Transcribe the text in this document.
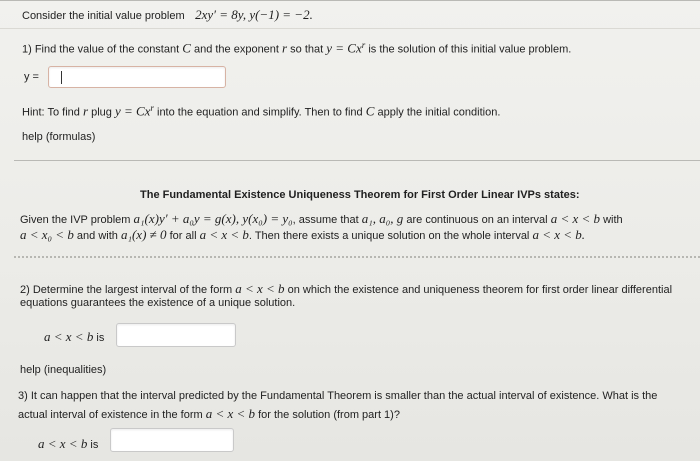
Consider the initial value problem 2xy′ = 8y, y(−1) = −2.
1) Find the value of the constant C and the exponent r so that $y = Cx^r$ is the solution of this initial value problem.
y =
Hint: To find r plug $y = Cx^r$ into the equation and simplify. Then to find C apply the initial condition.
help (formulas)
The Fundamental Existence Uniqueness Theorem for First Order Linear IVPs states:
Given the IVP problem a₁(x)y′ + a₀y = g(x), y(x₀) = y₀, assume that a₁, a₀, g are continuous on an interval a < x < b with
a < x₀ < b and with a₁(x) ≠ 0 for all a < x < b. Then there exists a unique solution on the whole interval a < x < b.
2) Determine the largest interval of the form a < x < b on which the existence and uniqueness theorem for first order linear differential
equations guarantees the existence of a unique solution.
a < x < b is
help (inequalities)
3) It can happen that the interval predicted by the Fundamental Theorem is smaller than the actual interval of existence. What is the
actual interval of existence in the form a < x < b for the solution (from part 1)?
a < x < b is
